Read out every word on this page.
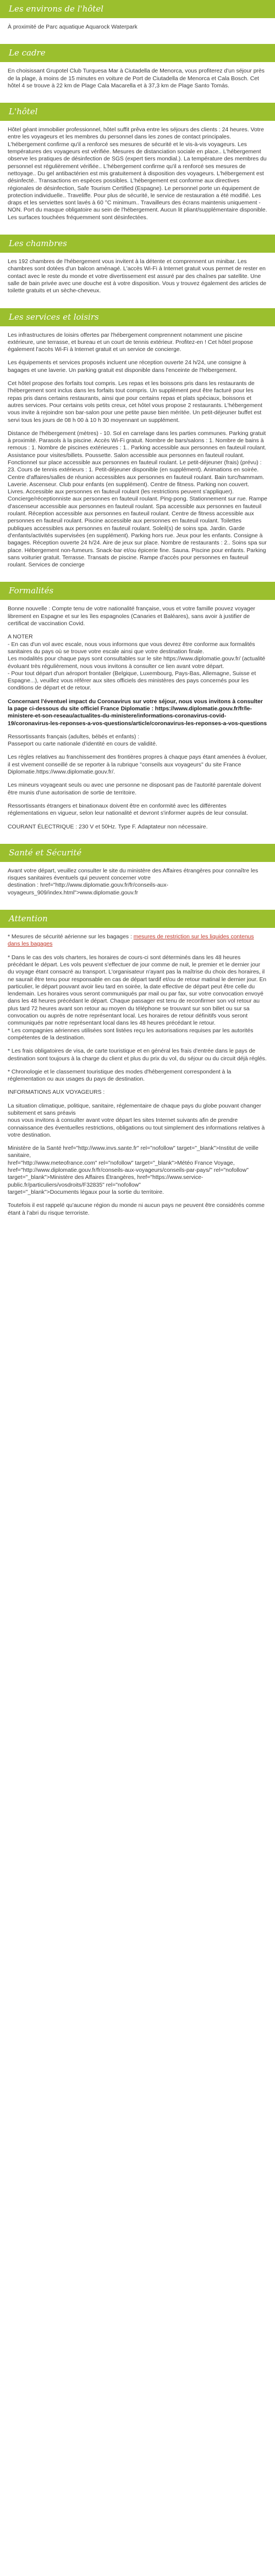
Les environs de l'hôtel

À proximité de Parc aquatique Aquarock Waterpark

Le cadre

En choisissant Grupotel Club Turquesa Mar à Ciutadella de Menorca, vous profiterez d'un séjour près de la plage, à moins de 15 minutes en voiture de Port de Ciutadella de Menorca et Cala Bosch. Cet hôtel 4 se trouve à 22 km de Plage Cala Macarella et à 37,3 km de Plage Santo Tomás.

L'hôtel

Hôtel géant immobilier professionnel, hôtel suffit prêva entre les séjours des clients : 24 heures. Votre entre les voyageurs et les membres du personnel dans les zones de contact principales. L'hébergement confirme qu'il a renforcé ses mesures de sécurité et le vis-à-vis voyageurs. Les températures des voyageurs est vérifiée. Mesures de distanciation sociale en place.. L'hébergement observe les pratiques de désinfection de SGS (expert tiers mondial.). La température des membres du personnel est régulièrement vérifiée.. L'hébergement confirme qu'il a renforcé ses mesures de nettoyage.. Du gel antibactérien est mis gratuitement à disposition des voyageurs. L'hébergement est désinfecté.. Transactions en espèces possibles. L'hébergement est conforme aux directives régionales de désinfection, Safe Tourism Certified (Espagne). Le personnel porte un équipement de protection individuelle.. Traveliffe. Pour plus de sécurité, le service de restauration a été modifié. Les draps et les serviettes sont lavés à 60 °C minimum.. Travailleurs des écrans maintenis uniquement - NON. Port du masque obligatoire au sein de l'hébergement. Aucun lit pliant/supplémentaire disponible. Les surfaces touchées fréquemment sont désinfectées.

Les chambres

Les 192 chambres de l'hébergement vous invitent à la détente et comprennent un minibar. Les chambres sont dotées d'un balcon aménagé. L'accès Wi-Fi à Internet gratuit vous permet de rester en contact avec le reste du monde et votre divertissement est assuré par des chaînes par satellite. Une salle de bain privée avec une douche est à votre disposition. Vous y trouvez également des articles de toilette gratuits et un sèche-cheveux.

Les services et loisirs

Les infrastructures de loisirs offertes par l'hébergement comprennent notamment une piscine extérieure, une terrasse, et bureau et un court de tennis extérieur. Profitez-en ! Cet hôtel propose également l'accès Wi-Fi à Internet gratuit et un service de concierge.

Les équipements et services proposés incluent une réception ouverte 24 h/24, une consigne à bagages et une laverie. Un parking gratuit est disponible dans l'enceinte de l'hébergement.

Cet hôtel propose des forfaits tout compris. Les repas et les boissons pris dans les restaurants de l'hébergement sont inclus dans les forfaits tout compris. Un supplément peut être facturé pour les repas pris dans certains restaurants, ainsi que pour certains repas et plats spéciaux, boissons et autres services. Pour certains vols petits creux, cet hôtel vous propose 2 restaurants. L'hébergement vous invite à rejoindre son bar-salon pour une petite pause bien méritée. Un petit-déjeuner buffet est servi tous les jours de 08 h 00 à 10 h 30 moyennant un supplément.

Distance de l'hébergement (mètres) - 10. Sol en carrelage dans les parties communes. Parking gratuit à proximité. Parasols à la piscine. Accès Wi-Fi gratuit. Nombre de bars/salons : 1. Nombre de bains à remous : 1. Nombre de piscines extérieures : 1.. Parking accessible aux personnes en fauteuil roulant. Assistance pour visites/billets. Poussette. Salon accessible aux personnes en fauteuil roulant. Fonctionnel sur place accessible aux personnes en fauteuil roulant. Le petit-déjeuner (frais) (prévu) : 23. Cours de tennis extérieurs : 1. Petit-déjeuner disponible (en supplément). Animations en soirée. Centre d'affaires/salles de réunion accessibles aux personnes en fauteuil roulant. Bain turc/hammam. Laverie. Ascenseur. Club pour enfants (en supplément). Centre de fitness. Parking non couvert. Livres. Accessible aux personnes en fauteuil roulant (les restrictions peuvent s'appliquer). Concierge/réceptionniste aux personnes en fauteuil roulant. Ping-pong. Stationnement sur rue. Rampe d'ascenseur accessible aux personnes en fauteuil roulant. Spa accessible aux personnes en fauteuil roulant. Réception accessible aux personnes en fauteuil roulant. Centre de fitness accessible aux personnes en fauteuil roulant. Piscine accessible aux personnes en fauteuil roulant. Toilettes publiques accessibles aux personnes en fauteuil roulant. Soleil(s) de soins spa. Jardin. Garde d'enfants/activités supervisées (en supplément). Parking hors rue. Jeux pour les enfants. Consigne à bagages. Réception ouverte 24 h/24. Aire de jeux sur place. Nombre de restaurants : 2.. Soins spa sur place. Hébergement non-fumeurs. Snack-bar et/ou épicerie fine. Sauna. Piscine pour enfants. Parking sans voiturier gratuit. Terrasse. Transats de piscine. Rampe d'accès pour personnes en fauteuil roulant. Services de concierge

Formalités

Bonne nouvelle : Compte tenu de votre nationalité française, vous et votre famille pouvez voyager librement en Espagne et sur les îles espagnoles (Canaries et Baléares), sans avoir à justifier de certificat de vaccination Covid.

A NOTER
- En cas d'un vol avec escale, nous vous informons que vous devrez être conforme aux formalités sanitaires du pays où se trouve votre escale ainsi que votre destination finale.
Les modalités pour chaque pays sont consultables sur le site https://www.diplomatie.gouv.fr/ (actualité évoluant très régulièrement, nous vous invitons à consulter ce lien avant votre départ.
- Pour tout départ d'un aéroport frontalier (Belgique, Luxembourg, Pays-Bas, Allemagne, Suisse et Espagne...), veuillez vous référer aux sites officiels des ministères des pays concernés pour les conditions de départ et de retour.

Concernant l'éventuel impact du Coronavirus sur votre séjour, nous vous invitons à consulter la page ci-dessous du site officiel France Diplomatie : https://www.diplomatie.gouv.fr/fr/le-ministere-et-son-reseau/actualites-du-ministere/informations-coronavirus-covid-19/coronavirus-les-reponses-a-vos-questions/article/coronavirus-les-reponses-a-vos-questions

Ressortissants français (adultes, bébés et enfants) :
Passeport ou carte nationale d'identité en cours de validité.

Les règles relatives au franchissement des frontières propres à chaque pays étant amenées à évoluer, il est vivement conseillé de se reporter à la rubrique "conseils aux voyageurs" du site France Diplomatie.https://www.diplomatie.gouv.fr/.

Les mineurs voyageant seuls ou avec une personne ne disposant pas de l'autorité parentale doivent être munis d'une autorisation de sortie de territoire.

Ressortissants étrangers et binationaux doivent être en conformité avec les différentes réglementations en vigueur, selon leur nationalité et devront s'informer auprès de leur consulat.

COURANT ÉLECTRIQUE : 230 V et 50Hz. Type F. Adaptateur non nécessaire.

Santé et Sécurité

Avant votre départ, veuillez consulter le site du ministère des Affaires étrangères pour connaître les risques sanitaires éventuels qui peuvent concerner votre
destination : href="http://www.diplomatie.gouv.fr/fr/conseils-aux-voyageurs_909/index.html">www.diplomatie.gouv.fr

Attention

* Mesures de sécurité aérienne sur les bagages : mesures de restriction sur les liquides contenus dans les bagages

* Dans le cas des vols charters, les horaires de cours-ci sont déterminés dans les 48 heures précédant le départ. Les vols peuvent s'effectuer de jour comme de nuit, le premier et le dernier jour du voyage étant consacré au transport. L'organisateur n'ayant pas la maîtrise du choix des horaires, il ne saurait être tenu pour responsable en cas de départ tardif et/ou de retour matinal le dernier jour. En particulier, le départ pouvant avoir lieu tard en soirée, la date effective de départ peut être celle du lendemain. Les horaires vous seront communiqués par mail ou par fax, sur votre convocation envoyé dans les 48 heures précédant le départ. Chaque passager est tenu de reconfirmer son vol retour au plus tard 72 heures avant son retour au moyen du téléphone se trouvant sur son billet ou sur sa convocation ou auprès de notre représentant local. Les horaires de retour définitifs vous seront communiqués par notre représentant local dans les 48 heures précédant le retour.
* Les compagnies aériennes utilisées sont listées reçu les autorisations requises par les autorités compétentes de la destination.

* Les frais obligatoires de visa, de carte touristique et en général les frais d'entrée dans le pays de destination sont toujours à la charge du client et plus du prix du vol, du séjour ou du circuit déjà réglés.

* Chronologie et le classement touristique des modes d'hébergement correspondent à la réglementation ou aux usages du pays de destination.

INFORMATIONS AUX VOYAGEURS :

La situation climatique, politique, sanitaire, réglementaire de chaque pays du globe pouvant changer subitement et sans préavis
nous vous invitons à consulter avant votre départ les sites Internet suivants afin de prendre connaissance des éventuelles restrictions, obligations ou tout simplement des informations relatives à votre destination.

Ministère de la Santé href="http://www.invs.sante.fr" rel="nofollow" target="_blank">Institut de veille sanitaire,
href="http://www.meteofrance.com" rel="nofollow" target="_blank">Météo France Voyage, href="http://www.diplomatie.gouv.fr/fr/conseils-aux-voyageurs/conseils-par-pays/" rel="nofollow"
target="_blank">Ministère des Affaires Étrangères, href="https://www.service-public.fr/particuliers/vosdroits/F32835" rel="nofollow"
target="_blank">Documents légaux pour la sortie du territoire.

Toutefois il est rappelé qu'aucune région du monde ni aucun pays ne peuvent être considérés comme étant à l'abri du risque terroriste.
